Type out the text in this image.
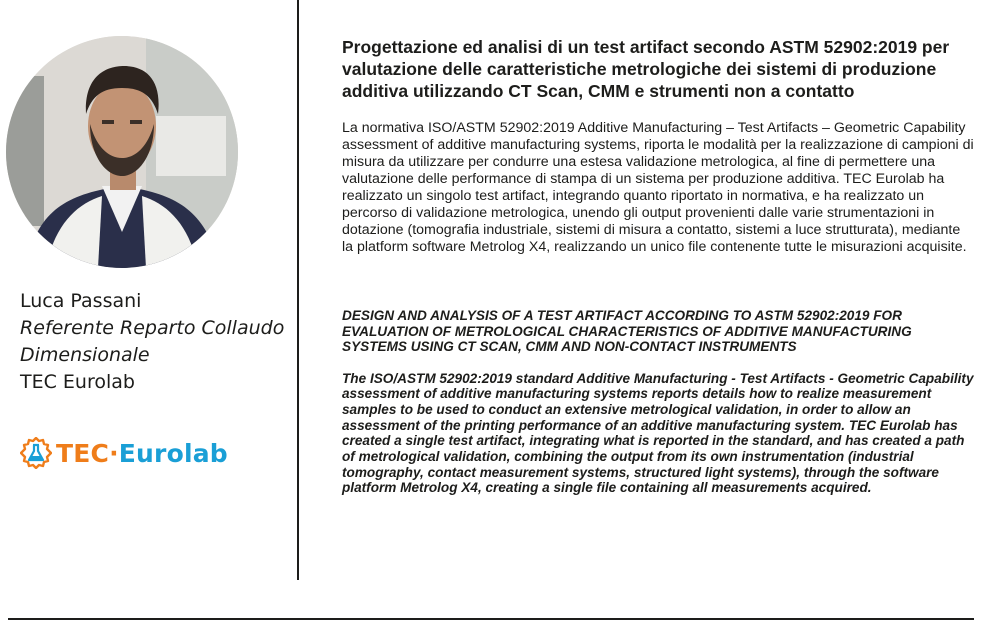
Luca Passani
Referente Reparto Collaudo
Dimensionale
TEC Eurolab
TEC·Eurolab
Progettazione ed analisi di un test artifact secondo ASTM 52902:2019 per valutazione delle caratteristiche metrologiche dei sistemi di produzione additiva utilizzando CT Scan, CMM e strumenti non a contatto

La normativa ISO/ASTM 52902:2019 Additive Manufacturing – Test Artifacts – Geometric Capability assessment of additive manufacturing systems, riporta le modalità per la realizzazione di campioni di misura da utilizzare per condurre una estesa validazione metrologica, al fine di permettere una valutazione delle performance di stampa di un sistema per produzione additiva. TEC Eurolab ha realizzato un singolo test artifact, integrando quanto riportato in normativa, e ha realizzato un percorso di validazione metrologica, unendo gli output provenienti dalle varie strumentazioni in dotazione (tomografia industriale, sistemi di misura a contatto, sistemi a luce strutturata), mediante la platform software Metrolog X4, realizzando un unico file contenente tutte le misurazioni acquisite.

DESIGN AND ANALYSIS OF A TEST ARTIFACT ACCORDING TO ASTM 52902:2019 FOR EVALUATION OF METROLOGICAL CHARACTERISTICS OF ADDITIVE MANUFACTURING SYSTEMS USING CT SCAN, CMM AND NON-CONTACT INSTRUMENTS

The ISO/ASTM 52902:2019 standard Additive Manufacturing - Test Artifacts - Geometric Capability assessment of additive manufacturing systems reports details how to realize measurement samples to be used to conduct an extensive metrological validation, in order to allow an assessment of the printing performance of an additive manufacturing system. TEC Eurolab has created a single test artifact, integrating what is reported in the standard, and has created a path of metrological validation, combining the output from its own instrumentation (industrial tomography, contact measurement systems, structured light systems), through the software platform Metrolog X4, creating a single file containing all measurements acquired.
